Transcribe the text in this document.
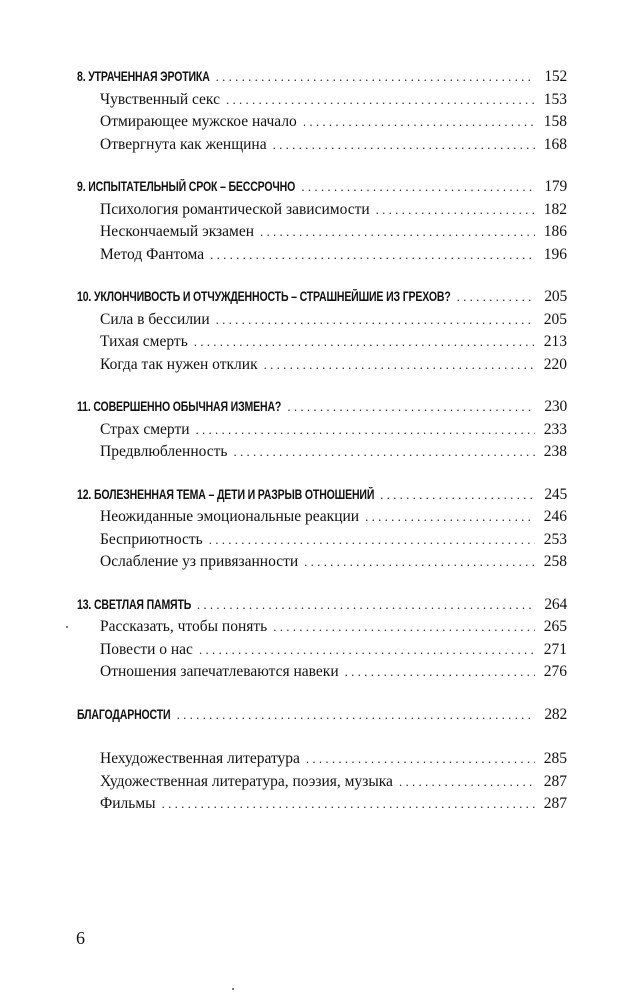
8. УТРАЧЕННАЯ ЭРОТИКА . . .	152
Чувственный секс . . .	153
Отмирающее мужское начало . . .	158
Отвергнута как женщина . . .	168
9. ИСПЫТАТЕЛЬНЫЙ СРОК – БЕССРОЧНО . . .	179
Психология романтической зависимости . . .	182
Нескончаемый экзамен . . .	186
Метод Фантома . . .	196
10. УКЛОНЧИВОСТЬ И ОТЧУЖДЕННОСТЬ – СТРАШНЕЙШИЕ ИЗ ГРЕХОВ? . . .	205
Сила в бессилии . . .	205
Тихая смерть . . .	213
Когда так нужен отклик . . .	220
11. СОВЕРШЕННО ОБЫЧНАЯ ИЗМЕНА? . . .	230
Страх смерти . . .	233
Предвлюбленность . . .	238
12. БОЛЕЗНЕННАЯ ТЕМА – ДЕТИ И РАЗРЫВ ОТНОШЕНИЙ . . .	245
Неожиданные эмоциональные реакции . . .	246
Бесприютность . . .	253
Ослабление уз привязанности . . .	258
13. СВЕТЛАЯ ПАМЯТЬ . . .	264
Рассказать, чтобы понять . . .	265
Повести о нас . . .	271
Отношения запечатлеваются навеки . . .	276
БЛАГОДАРНОСТИ . . .	282
Нехудожественная литература . . .	285
Художественная литература, поэзия, музыка . . .	287
Фильмы . . .	287
6
